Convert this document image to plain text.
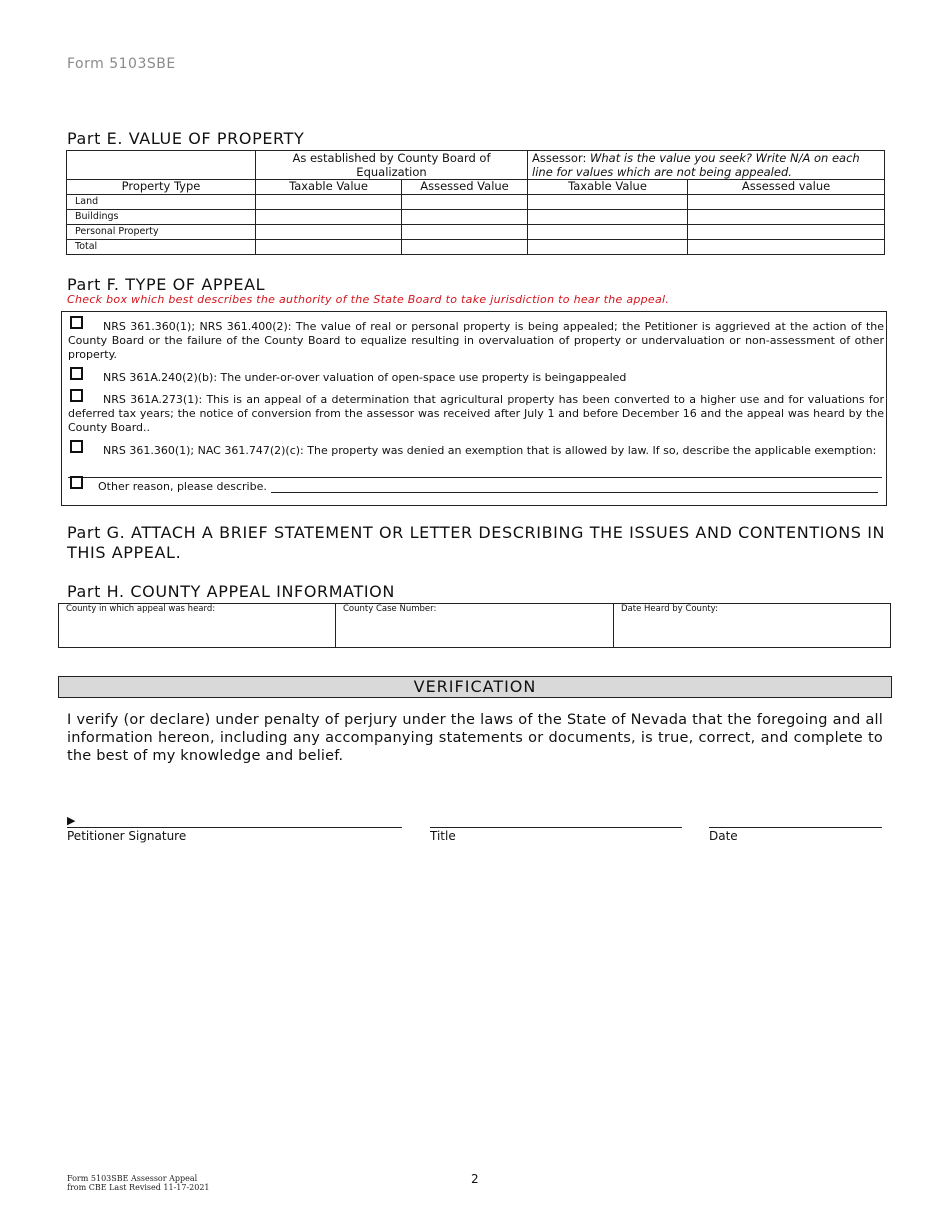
Form 5103SBE
Part E. VALUE OF PROPERTY
	As established by County Board of Equalization		Assessor: What is the value you seek? Write N/A on each line for values which are not being appealed.	
Property Type	Taxable Value	Assessed Value	Taxable Value	Assessed value
Land				
Buildings				
Personal Property				
Total				
Part F. TYPE OF APPEAL
Check box which best describes the authority of the State Board to take jurisdiction to hear the appeal.
NRS 361.360(1); NRS 361.400(2): The value of real or personal property is being appealed; the Petitioner is aggrieved at the action of the County Board or the failure of the County Board to equalize resulting in overvaluation of property or undervaluation or non-assessment of other property.
NRS 361A.240(2)(b): The under-or-over valuation of open-space use property is beingappealed
NRS 361A.273(1): This is an appeal of a determination that agricultural property has been converted to a higher use and for valuations for deferred tax years; the notice of conversion from the assessor was received after July 1 and before December 16 and the appeal was heard by the County Board..
NRS 361.360(1); NAC 361.747(2)(c): The property was denied an exemption that is allowed by law. If so, describe the applicable exemption:
Other reason, please describe.
Part G. ATTACH A BRIEF STATEMENT OR LETTER DESCRIBING THE ISSUES AND CONTENTIONS IN THIS APPEAL.
Part H. COUNTY APPEAL INFORMATION
County in which appeal was heard:	County Case Number:	Date Heard by County:
VERIFICATION
I verify (or declare) under penalty of perjury under the laws of the State of Nevada that the foregoing and all information hereon, including any accompanying statements or documents, is true, correct, and complete to the best of my knowledge and belief.
▶
Petitioner Signature	Title	Date
Form 5103SBE Assessor Appeal
from CBE Last Revised 11-17-2021
2
